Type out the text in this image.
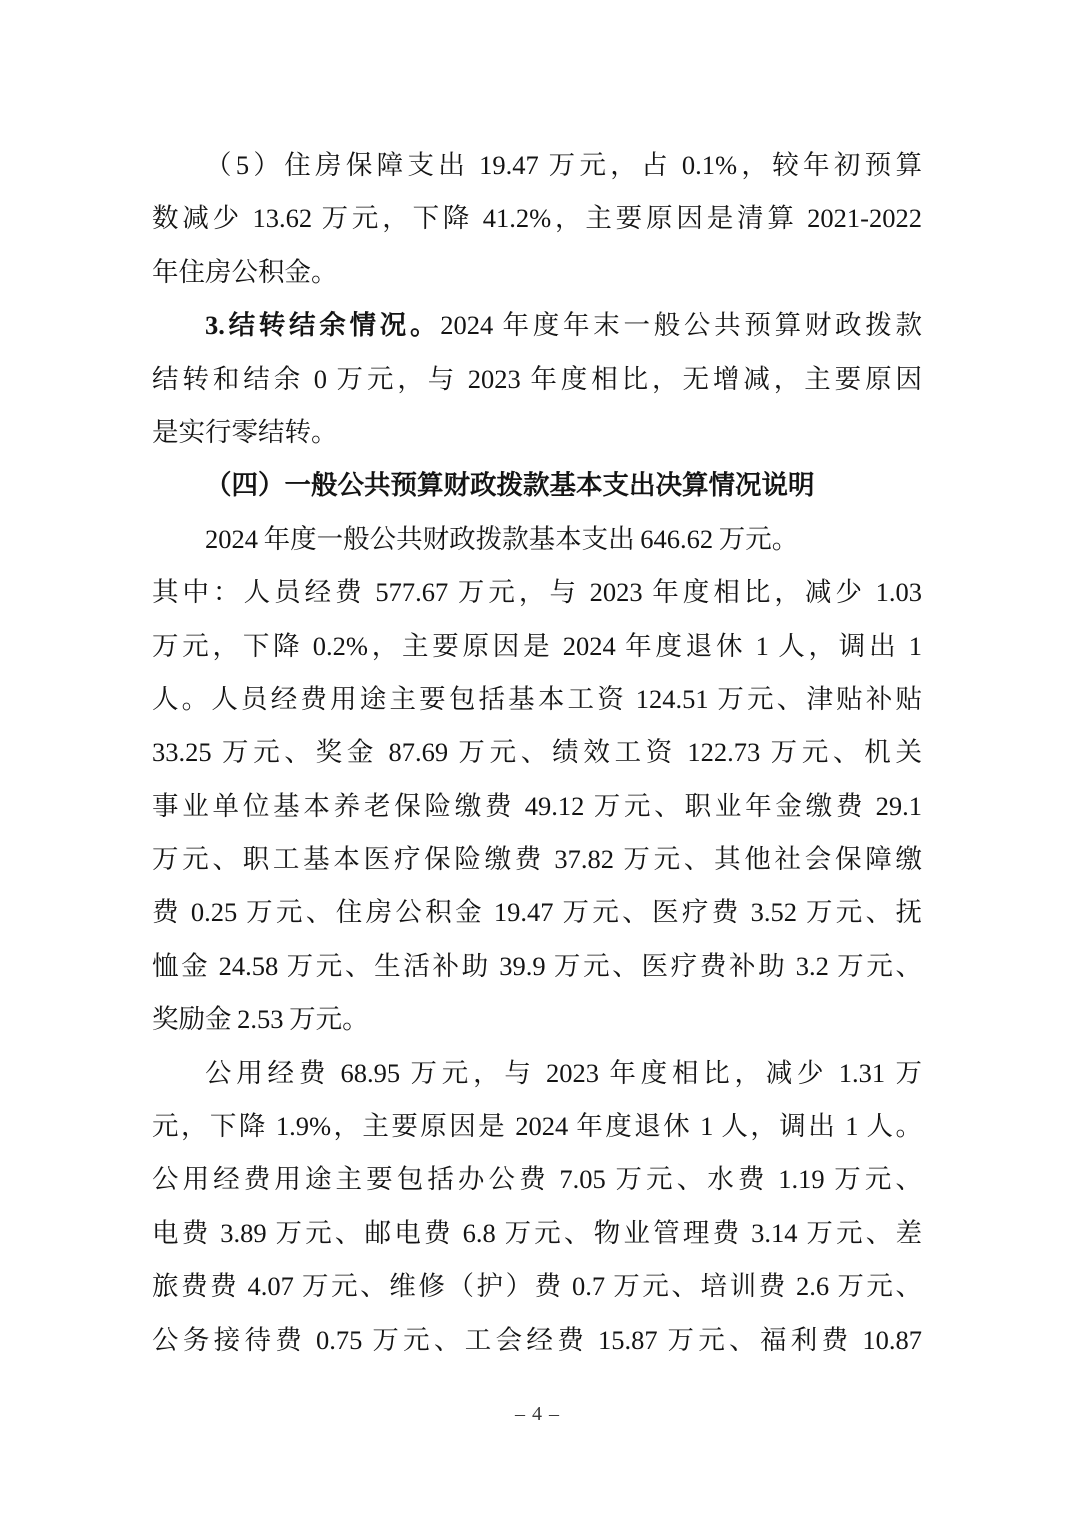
（5）住房保障支出 19.47 万元，占 0.1%，较年初预算
数减少 13.62 万元，下降 41.2%，主要原因是清算 2021-2022
年住房公积金。
3.结转结余情况。2024 年度年末一般公共预算财政拨款
结转和结余 0 万元，与 2023 年度相比，无增减，主要原因
是实行零结转。
（四）一般公共预算财政拨款基本支出决算情况说明
2024 年度一般公共财政拨款基本支出 646.62 万元。
其中：人员经费 577.67 万元，与 2023 年度相比，减少 1.03
万元，下降 0.2%，主要原因是 2024 年度退休 1 人，调出 1
人。人员经费用途主要包括基本工资 124.51 万元、津贴补贴
33.25 万元、奖金 87.69 万元、绩效工资 122.73 万元、机关
事业单位基本养老保险缴费 49.12 万元、职业年金缴费 29.1
万元、职工基本医疗保险缴费 37.82 万元、其他社会保障缴
费 0.25 万元、住房公积金 19.47 万元、医疗费 3.52 万元、抚
恤金 24.58 万元、生活补助 39.9 万元、医疗费补助 3.2 万元、
奖励金 2.53 万元。
公用经费 68.95 万元，与 2023 年度相比，减少 1.31 万
元，下降 1.9%，主要原因是 2024 年度退休 1 人，调出 1 人。
公用经费用途主要包括办公费 7.05 万元、水费 1.19 万元、
电费 3.89 万元、邮电费 6.8 万元、物业管理费 3.14 万元、差
旅费费 4.07 万元、维修（护）费 0.7 万元、培训费 2.6 万元、
公务接待费 0.75 万元、工会经费 15.87 万元、福利费 10.87
– 4 –
